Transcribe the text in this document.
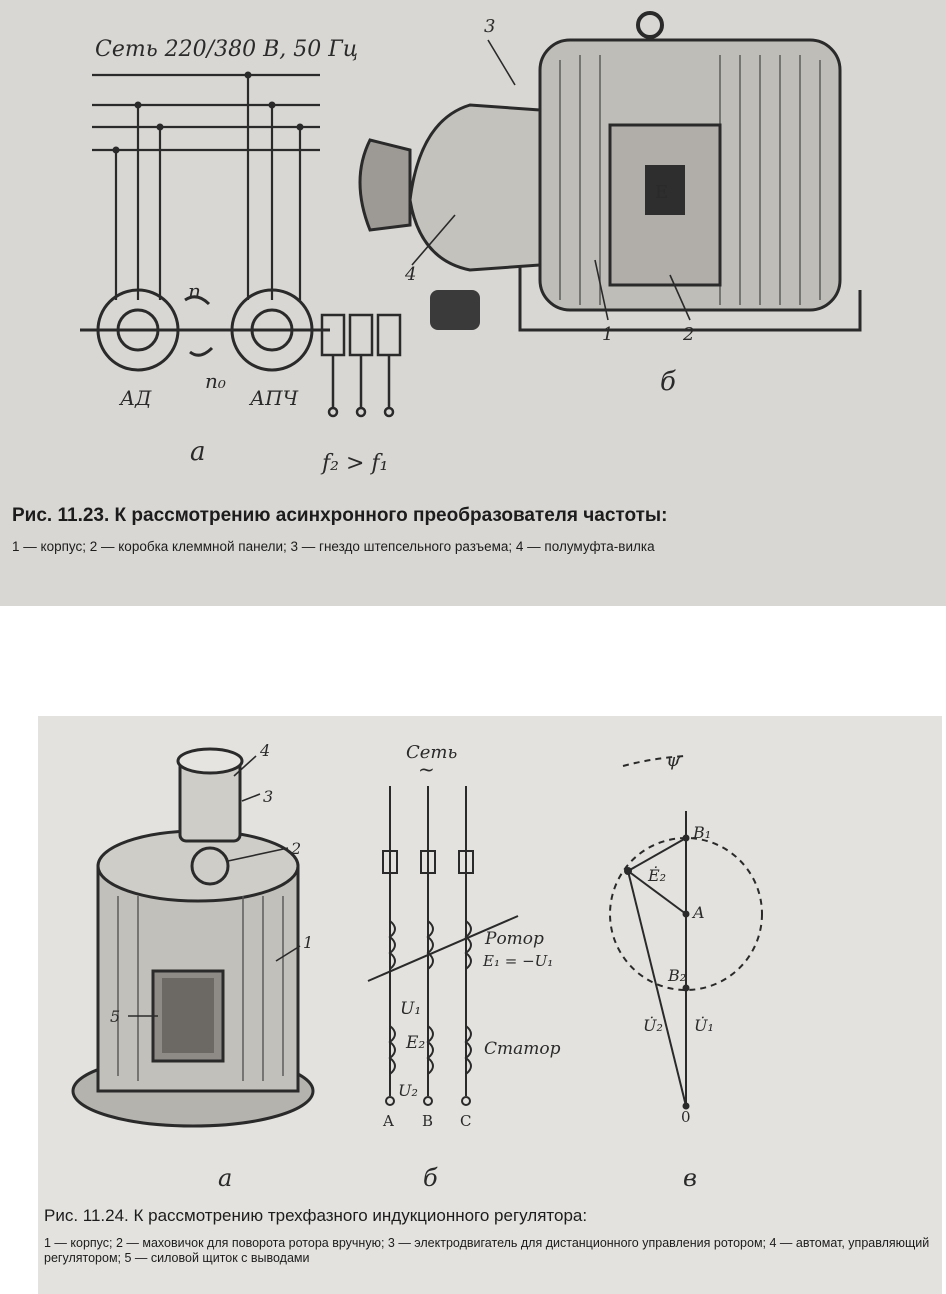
Сеть 220/380 В, 50 Гц
n
n₀
АД	АПЧ
f₂ > f₁
а
E
3
4
1	2
б
Рис. 11.23. К рассмотрению асинхронного преобразователя частоты:
1 — корпус; 2 — коробка клеммной панели; 3 — гнездо штепсельного разъема; 4 — полумуфта-вилка
4
3
2
1
5
а
Сеть
~
Ротор
E₁ = −U₁
U₁
E₂	Статор
U₂
A B C
б
ψ
B₁
Ė₂
A
B₂
U̇₂ U̇₁
0
в
Рис. 11.24. К рассмотрению трехфазного индукционного регулятора:
1 — корпус; 2 — маховичок для поворота ротора вручную; 3 — электродвигатель для дистанционного управления ротором; 4 — автомат, управляющий регулятором; 5 — силовой щиток с выводами
